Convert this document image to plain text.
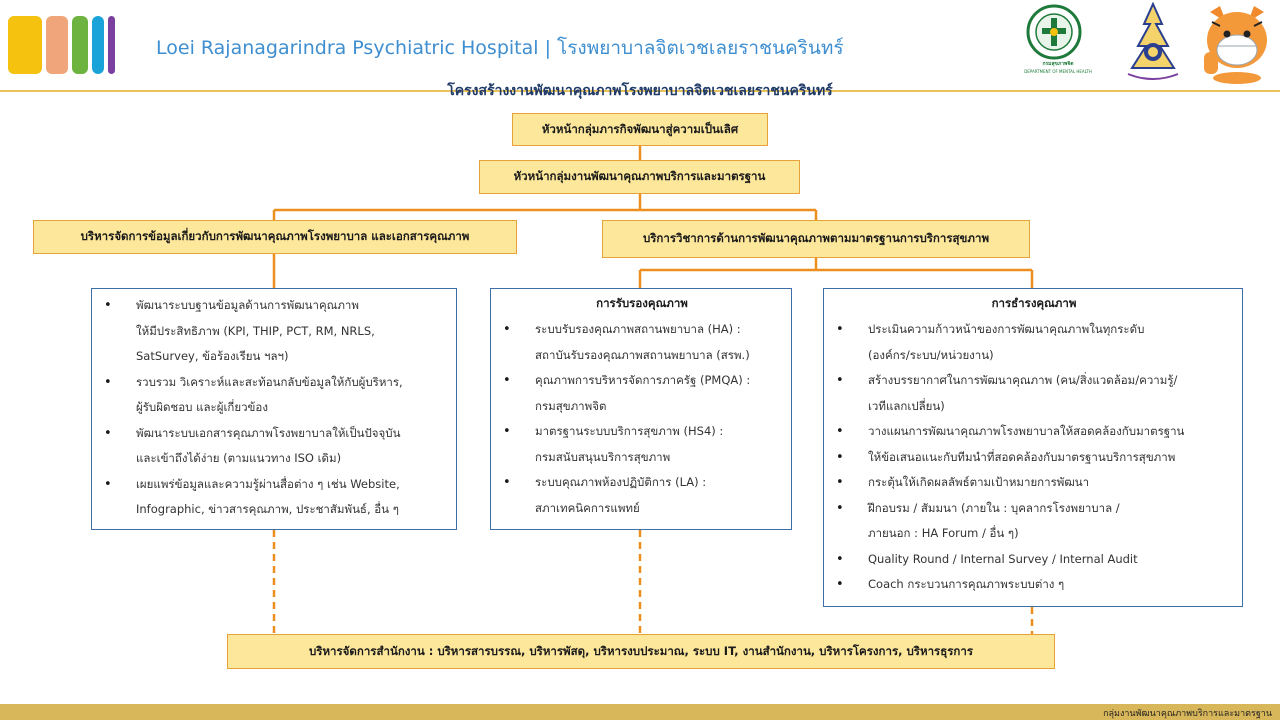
Loei Rajanagarindra Psychiatric Hospital | โรงพยาบาลจิตเวชเลยราชนครินทร์
กรมสุขภาพจิต
DEPARTMENT OF MENTAL HEALTH
โครงสร้างงานพัฒนาคุณภาพโรงพยาบาลจิตเวชเลยราชนครินทร์
หัวหน้ากลุ่มภารกิจพัฒนาสู่ความเป็นเลิศ
หัวหน้ากลุ่มงานพัฒนาคุณภาพบริการและมาตรฐาน
บริหารจัดการข้อมูลเกี่ยวกับการพัฒนาคุณภาพโรงพยาบาล และเอกสารคุณภาพ	บริการวิชาการด้านการพัฒนาคุณภาพตามมาตรฐานการบริการสุขภาพ
• พัฒนาระบบฐานข้อมูลด้านการพัฒนาคุณภาพ
ให้มีประสิทธิภาพ (KPI, THIP, PCT, RM, NRLS,
SatSurvey, ข้อร้องเรียน ฯลฯ)
• รวบรวม วิเคราะห์และสะท้อนกลับข้อมูลให้กับผู้บริหาร,
ผู้รับผิดชอบ และผู้เกี่ยวข้อง
• พัฒนาระบบเอกสารคุณภาพโรงพยาบาลให้เป็นปัจจุบัน
และเข้าถึงได้ง่าย (ตามแนวทาง ISO เดิม)
• เผยแพร่ข้อมูลและความรู้ผ่านสื่อต่าง ๆ เช่น Website,
Infographic, ข่าวสารคุณภาพ, ประชาสัมพันธ์, อื่น ๆ
การรับรองคุณภาพ
• ระบบรับรองคุณภาพสถานพยาบาล (HA) :
สถาบันรับรองคุณภาพสถานพยาบาล (สรพ.)
• คุณภาพการบริหารจัดการภาครัฐ (PMQA) :
กรมสุขภาพจิต
• มาตรฐานระบบบริการสุขภาพ (HS4) :
กรมสนับสนุนบริการสุขภาพ
• ระบบคุณภาพห้องปฏิบัติการ (LA) :
สภาเทคนิคการแพทย์
การธำรงคุณภาพ
• ประเมินความก้าวหน้าของการพัฒนาคุณภาพในทุกระดับ
(องค์กร/ระบบ/หน่วยงาน)
• สร้างบรรยากาศในการพัฒนาคุณภาพ (คน/สิ่งแวดล้อม/ความรู้/
เวทีแลกเปลี่ยน)
• วางแผนการพัฒนาคุณภาพโรงพยาบาลให้สอดคล้องกับมาตรฐาน
• ให้ข้อเสนอแนะกับทีมนำที่สอดคล้องกับมาตรฐานบริการสุขภาพ
• กระตุ้นให้เกิดผลลัพธ์ตามเป้าหมายการพัฒนา
• ฝึกอบรม / สัมมนา (ภายใน : บุคลากรโรงพยาบาล /
ภายนอก : HA Forum / อื่น ๆ)
• Quality Round / Internal Survey / Internal Audit
• Coach กระบวนการคุณภาพระบบต่าง ๆ
บริหารจัดการสำนักงาน : บริหารสารบรรณ, บริหารพัสดุ, บริหารงบประมาณ, ระบบ IT, งานสำนักงาน, บริหารโครงการ, บริหารธุรการ
กลุ่มงานพัฒนาคุณภาพบริการและมาตรฐาน
